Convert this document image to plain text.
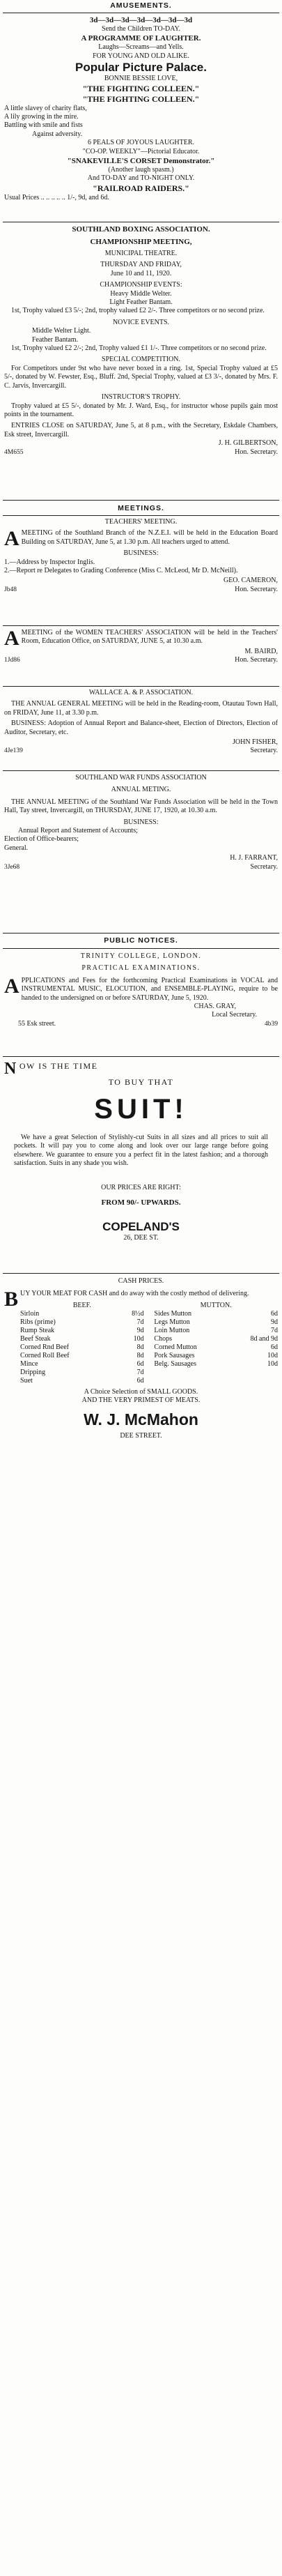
AMUSEMENTS.

3d—3d—3d—3d—3d—3d—3d

Send the Children TO-DAY.

A PROGRAMME OF LAUGHTER.

Laughs—Screams—and Yells.

FOR YOUNG AND OLD ALIKE.

Popular Picture Palace.

BONNIE BESSIE LOVE,

"THE FIGHTING COLLEEN."

"THE FIGHTING COLLEEN."

A little slavey of charity flats,

A lily growing in the mire.

Battling with smile and fists

Against adversity.

6 PEALS OF JOYOUS LAUGHTER.

"CO-OP. WEEKLY"—Pictorial Educator.

"SNAKEVILLE'S CORSET Demonstrator."

(Another laugh spasm.)

And TO-DAY and TO-NIGHT ONLY.

"RAILROAD RAIDERS."

Usual Prices .. .. .. .. .. 1/-, 9d, and 6d.

SOUTHLAND BOXING ASSOCIATION.

CHAMPIONSHIP MEETING,

MUNICIPAL THEATRE.

THURSDAY AND FRIDAY,

June 10 and 11, 1920.

CHAMPIONSHIP EVENTS:

Heavy Middle Welter.

Light Feather Bantam.

1st, Trophy valued £3 5/-; 2nd, trophy valued £2 2/-. Three competitors or no second prize.

NOVICE EVENTS.

Middle Welter Light.

Feather Bantam.

1st, Trophy valued £2 2/-; 2nd, Trophy valued £1 1/-. Three competitors or no second prize.

SPECIAL COMPETITION.

For Competitors under 9st who have never boxed in a ring. 1st, Special Trophy valued at £5 5/-, donated by W. Fewster, Esq., Bluff. 2nd, Special Trophy, valued at £3 3/-, donated by Mrs. F. C. Jarvis, Invercargill.

INSTRUCTOR'S TROPHY.

Trophy valued at £5 5/-, donated by Mr. J. Ward, Esq., for instructor whose pupils gain most points in the tournament.

ENTRIES CLOSE on SATURDAY, June 5, at 8 p.m., with the Secretary, Eskdale Chambers, Esk street, Invercargill.

J. H. GILBERTSON,

4M655	Hon. Secretary.
MEETINGS.

TEACHERS' MEETING.

AMEETING of the Southland Branch of the N.Z.E.I. will be held in the Education Board Building on SATURDAY, June 5, at 1.30 p.m. All teachers urged to attend.

BUSINESS:

1.—Address by Inspector Inglis.

2.—Report re Delegates to Grading Conference (Miss C. McLeod, Mr D. McNeill).

GEO. CAMERON,

Jb48	Hon. Secretary.

AMEETING of the WOMEN TEACHERS' ASSOCIATION will be held in the Teachers' Room, Education Office, on SATURDAY, JUNE 5, at 10.30 a.m.

M. BAIRD,

1Jd86	Hon. Secretary.

WALLACE A. & P. ASSOCIATION.

THE ANNUAL GENERAL MEETING will be held in the Reading-room, Otautau Town Hall, on FRIDAY, June 11, at 3.30 p.m.

BUSINESS: Adoption of Annual Report and Balance-sheet, Election of Directors, Election of Auditor, Secretary, etc.

JOHN FISHER,

4Je139	Secretary.

SOUTHLAND WAR FUNDS ASSOCIATION

ANNUAL METING.

THE ANNUAL MEETING of the Southland War Funds Association will be held in the Town Hall, Tay street, Invercargill, on THURSDAY, JUNE 17, 1920, at 10.30 a.m.

BUSINESS:

Annual Report and Statement of Accounts;

Election of Office-bearers;

General.

H. J. FARRANT,

3Je68	Secretary.
PUBLIC NOTICES.

TRINITY COLLEGE, LONDON.

PRACTICAL EXAMINATIONS.

APPLICATIONS and Fees for the forthcoming Practical Examinations in VOCAL and INSTRUMENTAL MUSIC, ELOCUTION, and ENSEMBLE-PLAYING, require to be handed to the undersigned on or before SATURDAY, June 5, 1920.

CHAS. GRAY,

Local Secretary.

55 Esk street.	4b39

NOW IS THE TIME

TO BUY THAT

SUIT!

We have a great Selection of Stylishly-cut Suits in all sizes and all prices to suit all pockets. It will pay you to come along and look over our large range before going elsewhere. We guarantee to ensure you a perfect fit in the latest fashion; and a thorough satisfaction. Suits in any shade you wish.

OUR PRICES ARE RIGHT:

FROM 90/- UPWARDS.

COPELAND'S

26, DEE ST.

CASH PRICES.

BUY YOUR MEAT FOR CASH and do away with the costly method of delivering.

BEEF.

Sirloin	8½d
Ribs (prime)	7d
Rump Steak	9d
Beef Steak	10d
Corned Rnd Beef	8d
Corned Roll Beef	8d
Mince	6d
Dripping	7d
Suet	6d

MUTTON.

Sides Mutton	6d
Legs Mutton	9d
Loin Mutton	7d
Chops	8d and 9d
Corned Mutton	6d
Pork Sausages	10d
Belg. Sausages	10d

A Choice Selection of SMALL GOODS.

AND THE VERY PRIMEST OF MEATS.

W. J. McMahon

DEE STREET.
